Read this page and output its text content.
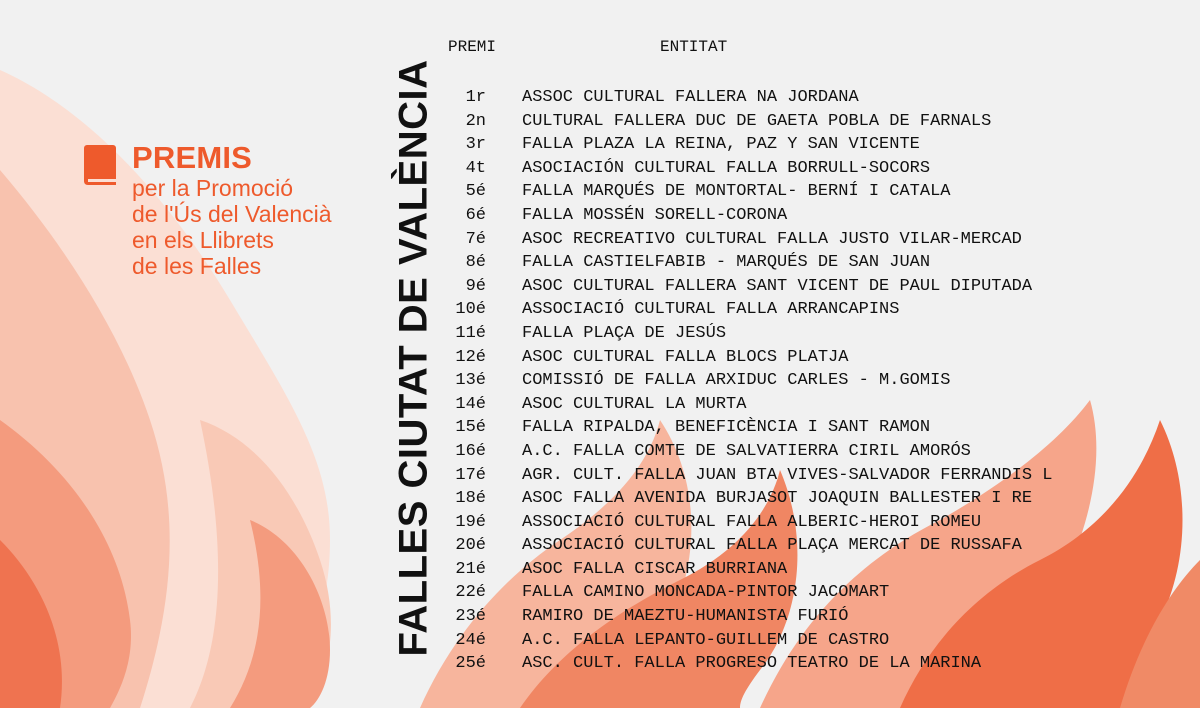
PREMIS
per la Promoció
de l'Ús del Valencià
en els Llibrets
de les Falles	FALLES CIUTAT DE VALÈNCIA
PREMI	ENTITAT
1r ASSOC CULTURAL FALLERA NA JORDANA
2n CULTURAL FALLERA DUC DE GAETA POBLA DE FARNALS
3r FALLA PLAZA LA REINA, PAZ Y SAN VICENTE
4t ASOCIACIÓN CULTURAL FALLA BORRULL-SOCORS
5é FALLA MARQUÉS DE MONTORTAL- BERNÍ I CATALA
6é FALLA MOSSÉN SORELL-CORONA
7é ASOC RECREATIVO CULTURAL FALLA JUSTO VILAR-MERCAD
8é FALLA CASTIELFABIB - MARQUÉS DE SAN JUAN
9é ASOC CULTURAL FALLERA SANT VICENT DE PAUL DIPUTADA
10é ASSOCIACIÓ CULTURAL FALLA ARRANCAPINS
11é FALLA PLAÇA DE JESÚS
12é ASOC CULTURAL FALLA BLOCS PLATJA
13é COMISSIÓ DE FALLA ARXIDUC CARLES - M.GOMIS
14é ASOC CULTURAL LA MURTA
15é FALLA RIPALDA, BENEFICÈNCIA I SANT RAMON
16é A.C. FALLA COMTE DE SALVATIERRA CIRIL AMORÓS
17é AGR. CULT. FALLA JUAN BTA VIVES-SALVADOR FERRANDIS L
18é ASOC FALLA AVENIDA BURJASOT JOAQUIN BALLESTER I RE
19é ASSOCIACIÓ CULTURAL FALLA ALBERIC-HEROI ROMEU
20é ASSOCIACIÓ CULTURAL FALLA PLAÇA MERCAT DE RUSSAFA
21é ASOC FALLA CISCAR BURRIANA
22é FALLA CAMINO MONCADA-PINTOR JACOMART
23é RAMIRO DE MAEZTU-HUMANISTA FURIÓ
24é A.C. FALLA LEPANTO-GUILLEM DE CASTRO
25é ASC. CULT. FALLA PROGRESO TEATRO DE LA MARINA
